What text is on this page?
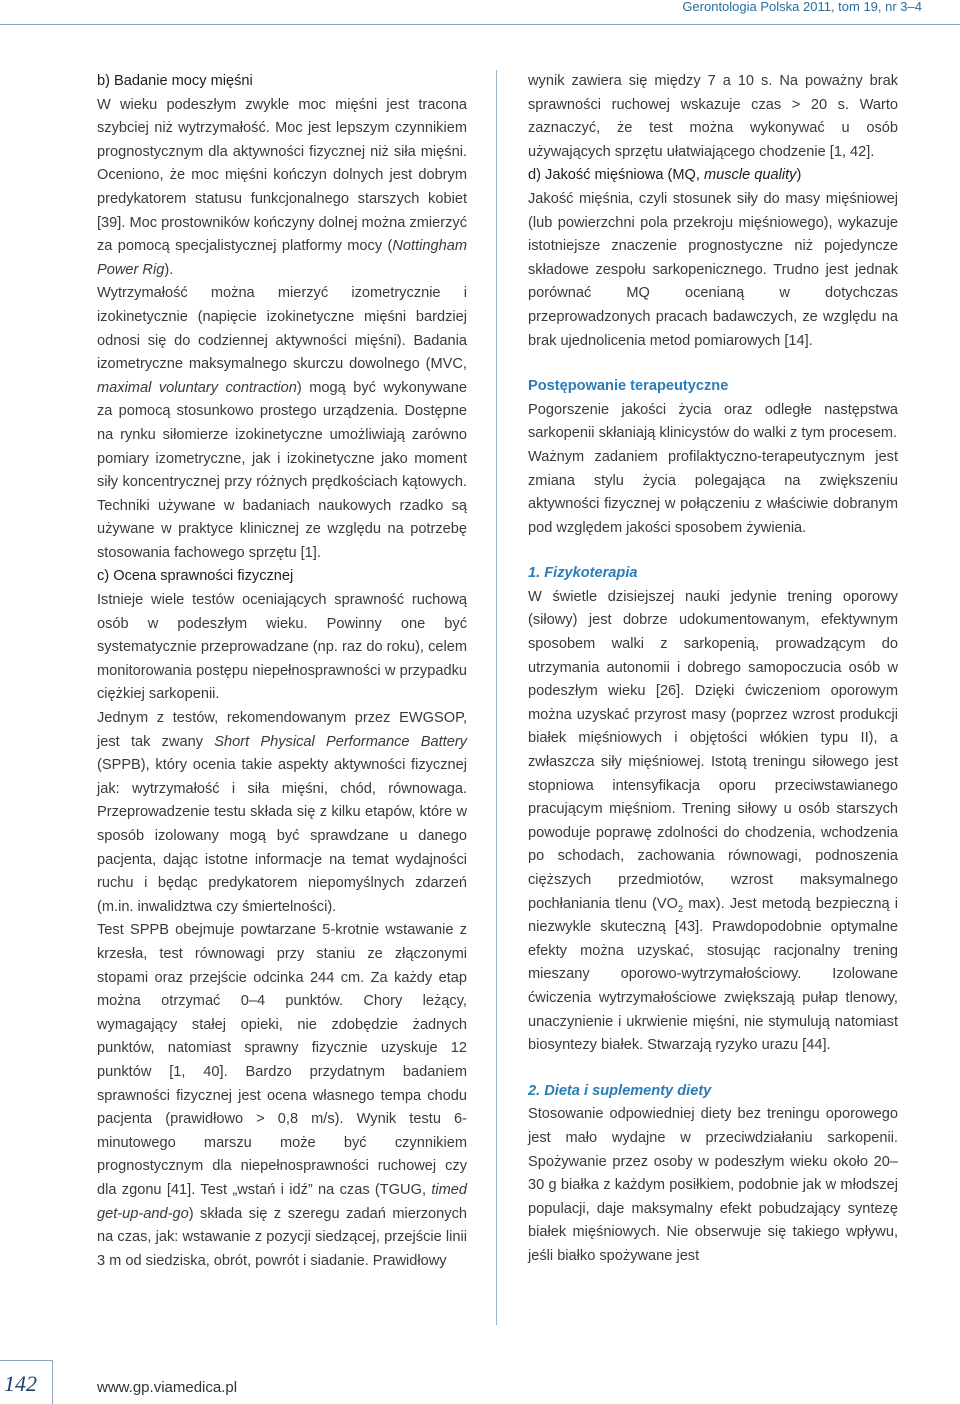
Gerontologia Polska 2011, tom 19, nr 3–4

b) Badanie mocy mięśni

W wieku podeszłym zwykle moc mięśni jest tracona szybciej niż wytrzymałość. Moc jest lepszym czynnikiem prognostycznym dla aktywności fizycznej niż siła mięśni. Oceniono, że moc mięśni kończyn dolnych jest dobrym predykatorem statusu funkcjonalnego starszych kobiet [39]. Moc prostowników kończyny dolnej można zmierzyć za pomocą specjalistycznej platformy mocy (Nottingham Power Rig).

Wytrzymałość można mierzyć izometrycznie i izokinetycznie (napięcie izokinetyczne mięśni bardziej odnosi się do codziennej aktywności mięśni). Badania izometryczne maksymalnego skurczu dowolnego (MVC, maximal voluntary contraction) mogą być wykonywane za pomocą stosunkowo prostego urządzenia. Dostępne na rynku siłomierze izokinetyczne umożliwiają zarówno pomiary izometryczne, jak i izokinetyczne jako moment siły koncentrycznej przy różnych prędkościach kątowych. Techniki używane w badaniach naukowych rzadko są używane w praktyce klinicznej ze względu na potrzebę stosowania fachowego sprzętu [1].

c) Ocena sprawności fizycznej

Istnieje wiele testów oceniających sprawność ruchową osób w podeszłym wieku. Powinny one być systematycznie przeprowadzane (np. raz do roku), celem monitorowania postępu niepełnosprawności w przypadku ciężkiej sarkopenii.

Jednym z testów, rekomendowanym przez EWGSOP, jest tak zwany Short Physical Performance Battery (SPPB), który ocenia takie aspekty aktywności fizycznej jak: wytrzymałość i siła mięśni, chód, równowaga. Przeprowadzenie testu składa się z kilku etapów, które w sposób izolowany mogą być sprawdzane u danego pacjenta, dając istotne informacje na temat wydajności ruchu i będąc predykatorem niepomyślnych zdarzeń (m.in. inwalidztwa czy śmiertelności).

Test SPPB obejmuje powtarzane 5-krotnie wstawanie z krzesła, test równowagi przy staniu ze złączonymi stopami oraz przejście odcinka 244 cm. Za każdy etap można otrzymać 0–4 punktów. Chory leżący, wymagający stałej opieki, nie zdobędzie żadnych punktów, natomiast sprawny fizycznie uzyskuje 12 punktów [1, 40]. Bardzo przydatnym badaniem sprawności fizycznej jest ocena własnego tempa chodu pacjenta (prawidłowo > 0,8 m/s). Wynik testu 6-minutowego marszu może być czynnikiem prognostycznym dla niepełnosprawności ruchowej czy dla zgonu [41]. Test „wstań i idź” na czas (TGUG, timed get-up-and-go) składa się z szeregu zadań mierzonych na czas, jak: wstawanie z pozycji siedzącej, przejście linii 3 m od siedziska, obrót, powrót i siadanie. Prawidłowy

wynik zawiera się między 7 a 10 s. Na poważny brak sprawności ruchowej wskazuje czas > 20 s. Warto zaznaczyć, że test można wykonywać u osób używających sprzętu ułatwiającego chodzenie [1, 42].

d) Jakość mięśniowa (MQ, muscle quality)

Jakość mięśnia, czyli stosunek siły do masy mięśniowej (lub powierzchni pola przekroju mięśniowego), wykazuje istotniejsze znaczenie prognostyczne niż pojedyncze składowe zespołu sarkopenicznego. Trudno jest jednak porównać MQ ocenianą w dotychczas przeprowadzonych pracach badawczych, ze względu na brak ujednolicenia metod pomiarowych [14].

Postępowanie terapeutyczne

Pogorszenie jakości życia oraz odległe następstwa sarkopenii skłaniają klinicystów do walki z tym procesem.

Ważnym zadaniem profilaktyczno-terapeutycznym jest zmiana stylu życia polegająca na zwiększeniu aktywności fizycznej w połączeniu z właściwie dobranym pod względem jakości sposobem żywienia.

1. Fizykoterapia

W świetle dzisiejszej nauki jedynie trening oporowy (siłowy) jest dobrze udokumentowanym, efektywnym sposobem walki z sarkopenią, prowadzącym do utrzymania autonomii i dobrego samopoczucia osób w podeszłym wieku [26]. Dzięki ćwiczeniom oporowym można uzyskać przyrost masy (poprzez wzrost produkcji białek mięśniowych i objętości włókien typu II), a zwłaszcza siły mięśniowej. Istotą treningu siłowego jest stopniowa intensyfikacja oporu przeciwstawianego pracującym mięśniom. Trening siłowy u osób starszych powoduje poprawę zdolności do chodzenia, wchodzenia po schodach, zachowania równowagi, podnoszenia cięższych przedmiotów, wzrost maksymalnego pochłaniania tlenu ($VO_2$ max). Jest metodą bezpieczną i niezwykle skuteczną [43]. Prawdopodobnie optymalne efekty można uzyskać, stosując racjonalny trening mieszany oporowo-wytrzymałościowy. Izolowane ćwiczenia wytrzymałościowe zwiększają pułap tlenowy, unaczynienie i ukrwienie mięśni, nie stymulują natomiast biosyntezy białek. Stwarzają ryzyko urazu [44].

2. Dieta i suplementy diety

Stosowanie odpowiedniej diety bez treningu oporowego jest mało wydajne w przeciwdziałaniu sarkopenii. Spożywanie przez osoby w podeszłym wieku około 20–30 g białka z każdym posiłkiem, podobnie jak w młodszej populacji, daje maksymalny efekt pobudzający syntezę białek mięśniowych. Nie obserwuje się takiego wpływu, jeśli białko spożywane jest

142	www.gp.viamedica.pl
